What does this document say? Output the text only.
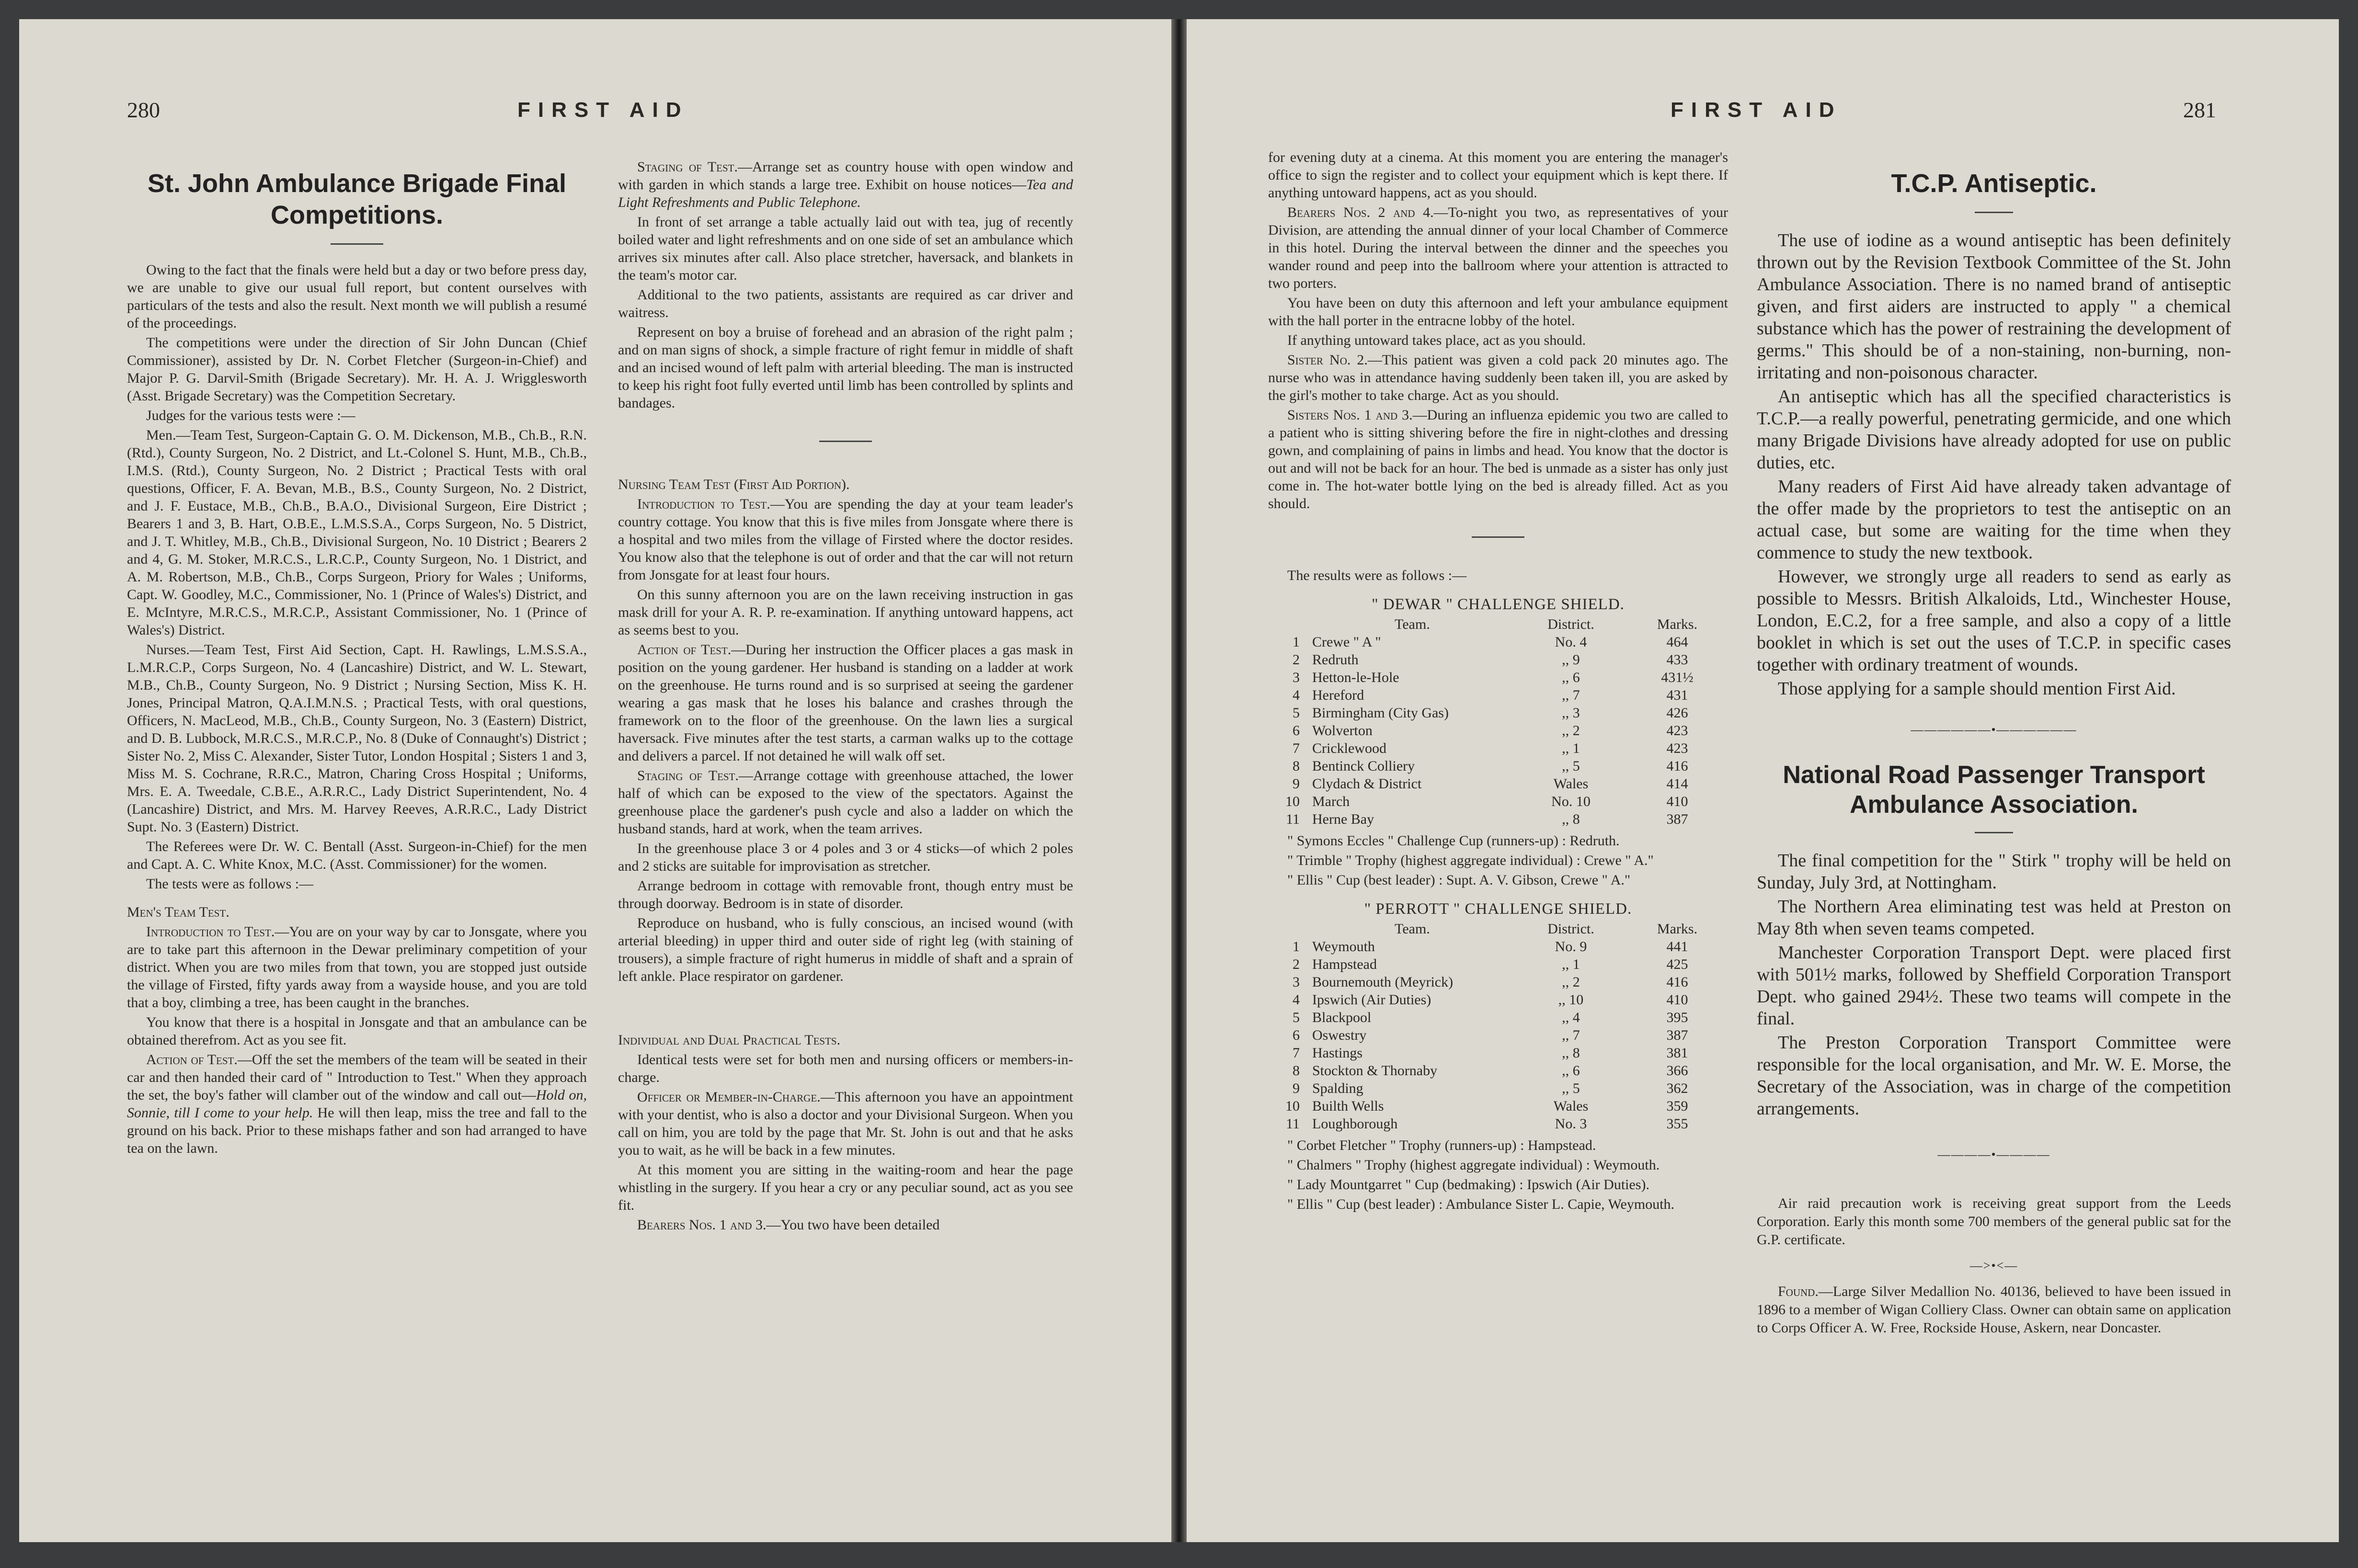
280	FIRST AID
St. John Ambulance Brigade Final Competitions.

Owing to the fact that the finals were held but a day or two before press day, we are unable to give our usual full report, but content ourselves with particulars of the tests and also the result. Next month we will publish a resumé of the proceedings.

The competitions were under the direction of Sir John Duncan (Chief Commissioner), assisted by Dr. N. Corbet Fletcher (Surgeon-in-Chief) and Major P. G. Darvil-Smith (Brigade Secretary). Mr. H. A. J. Wrigglesworth (Asst. Brigade Secretary) was the Competition Secretary.

Judges for the various tests were :—

Men.—Team Test, Surgeon-Captain G. O. M. Dickenson, M.B., Ch.B., R.N. (Rtd.), County Surgeon, No. 2 District, and Lt.-Colonel S. Hunt, M.B., Ch.B., I.M.S. (Rtd.), County Surgeon, No. 2 District ; Practical Tests with oral questions, Officer, F. A. Bevan, M.B., B.S., County Surgeon, No. 2 District, and J. F. Eustace, M.B., Ch.B., B.A.O., Divisional Surgeon, Eire District ; Bearers 1 and 3, B. Hart, O.B.E., L.M.S.S.A., Corps Surgeon, No. 5 District, and J. T. Whitley, M.B., Ch.B., Divisional Surgeon, No. 10 District ; Bearers 2 and 4, G. M. Stoker, M.R.C.S., L.R.C.P., County Surgeon, No. 1 District, and A. M. Robertson, M.B., Ch.B., Corps Surgeon, Priory for Wales ; Uniforms, Capt. W. Goodley, M.C., Commissioner, No. 1 (Prince of Wales's) District, and E. McIntyre, M.R.C.S., M.R.C.P., Assistant Commissioner, No. 1 (Prince of Wales's) District.

Nurses.—Team Test, First Aid Section, Capt. H. Rawlings, L.M.S.S.A., L.M.R.C.P., Corps Surgeon, No. 4 (Lancashire) District, and W. L. Stewart, M.B., Ch.B., County Surgeon, No. 9 District ; Nursing Section, Miss K. H. Jones, Principal Matron, Q.A.I.M.N.S. ; Practical Tests, with oral questions, Officers, N. MacLeod, M.B., Ch.B., County Surgeon, No. 3 (Eastern) District, and D. B. Lubbock, M.R.C.S., M.R.C.P., No. 8 (Duke of Connaught's) District ; Sister No. 2, Miss C. Alexander, Sister Tutor, London Hospital ; Sisters 1 and 3, Miss M. S. Cochrane, R.R.C., Matron, Charing Cross Hospital ; Uniforms, Mrs. E. A. Tweedale, C.B.E., A.R.R.C., Lady District Superintendent, No. 4 (Lancashire) District, and Mrs. M. Harvey Reeves, A.R.R.C., Lady District Supt. No. 3 (Eastern) District.

The Referees were Dr. W. C. Bentall (Asst. Surgeon-in-Chief) for the men and Capt. A. C. White Knox, M.C. (Asst. Commissioner) for the women.

The tests were as follows :—

Men's Team Test.

Introduction to Test.—You are on your way by car to Jonsgate, where you are to take part this afternoon in the Dewar preliminary competition of your district. When you are two miles from that town, you are stopped just outside the village of Firsted, fifty yards away from a wayside house, and you are told that a boy, climbing a tree, has been caught in the branches.

You know that there is a hospital in Jonsgate and that an ambulance can be obtained therefrom. Act as you see fit.

Action of Test.—Off the set the members of the team will be seated in their car and then handed their card of " Introduction to Test." When they approach the set, the boy's father will clamber out of the window and call out—Hold on, Sonnie, till I come to your help. He will then leap, miss the tree and fall to the ground on his back. Prior to these mishaps father and son had arranged to have tea on the lawn.

Staging of Test.—Arrange set as country house with open window and with garden in which stands a large tree. Exhibit on house notices—Tea and Light Refreshments and Public Telephone.

In front of set arrange a table actually laid out with tea, jug of recently boiled water and light refreshments and on one side of set an ambulance which arrives six minutes after call. Also place stretcher, haversack, and blankets in the team's motor car.

Additional to the two patients, assistants are required as car driver and waitress.

Represent on boy a bruise of forehead and an abrasion of the right palm ; and on man signs of shock, a simple fracture of right femur in middle of shaft and an incised wound of left palm with arterial bleeding. The man is instructed to keep his right foot fully everted until limb has been controlled by splints and bandages.

Nursing Team Test (First Aid Portion).

Introduction to Test.—You are spending the day at your team leader's country cottage. You know that this is five miles from Jonsgate where there is a hospital and two miles from the village of Firsted where the doctor resides. You know also that the telephone is out of order and that the car will not return from Jonsgate for at least four hours.

On this sunny afternoon you are on the lawn receiving instruction in gas mask drill for your A. R. P. re-examination. If anything untoward happens, act as seems best to you.

Action of Test.—During her instruction the Officer places a gas mask in position on the young gardener. Her husband is standing on a ladder at work on the greenhouse. He turns round and is so surprised at seeing the gardener wearing a gas mask that he loses his balance and crashes through the framework on to the floor of the greenhouse. On the lawn lies a surgical haversack. Five minutes after the test starts, a carman walks up to the cottage and delivers a parcel. If not detained he will walk off set.

Staging of Test.—Arrange cottage with greenhouse attached, the lower half of which can be exposed to the view of the spectators. Against the greenhouse place the gardener's push cycle and also a ladder on which the husband stands, hard at work, when the team arrives.

In the greenhouse place 3 or 4 poles and 3 or 4 sticks—of which 2 poles and 2 sticks are suitable for improvisation as stretcher.

Arrange bedroom in cottage with removable front, though entry must be through doorway. Bedroom is in state of disorder.

Reproduce on husband, who is fully conscious, an incised wound (with arterial bleeding) in upper third and outer side of right leg (with staining of trousers), a simple fracture of right humerus in middle of shaft and a sprain of left ankle. Place respirator on gardener.

Individual and Dual Practical Tests.

Identical tests were set for both men and nursing officers or members-in-charge.

Officer or Member-in-Charge.—This afternoon you have an appointment with your dentist, who is also a doctor and your Divisional Surgeon. When you call on him, you are told by the page that Mr. St. John is out and that he asks you to wait, as he will be back in a few minutes.

At this moment you are sitting in the waiting-room and hear the page whistling in the surgery. If you hear a cry or any peculiar sound, act as you see fit.

Bearers Nos. 1 and 3.—You two have been detailed

FIRST AID	281

for evening duty at a cinema. At this moment you are entering the manager's office to sign the register and to collect your equipment which is kept there. If anything untoward happens, act as you should.

Bearers Nos. 2 and 4.—To-night you two, as representatives of your Division, are attending the annual dinner of your local Chamber of Commerce in this hotel. During the interval between the dinner and the speeches you wander round and peep into the ballroom where your attention is attracted to two porters.

You have been on duty this afternoon and left your ambulance equipment with the hall porter in the entracne lobby of the hotel.

If anything untoward takes place, act as you should.

Sister No. 2.—This patient was given a cold pack 20 minutes ago. The nurse who was in attendance having suddenly been taken ill, you are asked by the girl's mother to take charge. Act as you should.

Sisters Nos. 1 and 3.—During an influenza epidemic you two are called to a patient who is sitting shivering before the fire in night-clothes and dressing gown, and complaining of pains in limbs and head. You know that the doctor is out and will not be back for an hour. The bed is unmade as a sister has only just come in. The hot-water bottle lying on the bed is already filled. Act as you should.

The results were as follows :—

" DEWAR " CHALLENGE SHIELD.
	Team.	District.	Marks.
1	Crewe " A "	No. 4	464
2	Redruth	,, 9	433
3	Hetton-le-Hole	,, 6	431½
4	Hereford	,, 7	431
5	Birmingham (City Gas)	,, 3	426
6	Wolverton	,, 2	423
7	Cricklewood	,, 1	423
8	Bentinck Colliery	,, 5	416
9	Clydach & District	Wales	414
10	March	No. 10	410
11	Herne Bay	,, 8	387

" Symons Eccles " Challenge Cup (runners-up) : Redruth.

" Trimble " Trophy (highest aggregate individual) : Crewe " A."

" Ellis " Cup (best leader) : Supt. A. V. Gibson, Crewe " A."

" PERROTT " CHALLENGE SHIELD.
	Team.	District.	Marks.
1	Weymouth	No. 9	441
2	Hampstead	,, 1	425
3	Bournemouth (Meyrick)	,, 2	416
4	Ipswich (Air Duties)	,, 10	410
5	Blackpool	,, 4	395
6	Oswestry	,, 7	387
7	Hastings	,, 8	381
8	Stockton & Thornaby	,, 6	366
9	Spalding	,, 5	362
10	Builth Wells	Wales	359
11	Loughborough	No. 3	355

" Corbet Fletcher " Trophy (runners-up) : Hampstead.

" Chalmers " Trophy (highest aggregate individual) : Weymouth.

" Lady Mountgarret " Cup (bedmaking) : Ipswich (Air Duties).

" Ellis " Cup (best leader) : Ambulance Sister L. Capie, Weymouth.

T.C.P. Antiseptic.

The use of iodine as a wound antiseptic has been definitely thrown out by the Revision Textbook Committee of the St. John Ambulance Association. There is no named brand of antiseptic given, and first aiders are instructed to apply " a chemical substance which has the power of restraining the development of germs." This should be of a non-staining, non-burning, non-irritating and non-poisonous character.

An antiseptic which has all the specified characteristics is T.C.P.—a really powerful, penetrating germicide, and one which many Brigade Divisions have already adopted for use on public duties, etc.

Many readers of First Aid have already taken advantage of the offer made by the proprietors to test the antiseptic on an actual case, but some are waiting for the time when they commence to study the new textbook.

However, we strongly urge all readers to send as early as possible to Messrs. British Alkaloids, Ltd., Winchester House, London, E.C.2, for a free sample, and also a copy of a little booklet in which is set out the uses of T.C.P. in specific cases together with ordinary treatment of wounds.

Those applying for a sample should mention First Aid.

——————•——————
National Road Passenger Transport Ambulance Association.

The final competition for the " Stirk " trophy will be held on Sunday, July 3rd, at Nottingham.

The Northern Area eliminating test was held at Preston on May 8th when seven teams competed.

Manchester Corporation Transport Dept. were placed first with 501½ marks, followed by Sheffield Corporation Transport Dept. who gained 294½. These two teams will compete in the final.

The Preston Corporation Transport Committee were responsible for the local organisation, and Mr. W. E. Morse, the Secretary of the Association, was in charge of the competition arrangements.

————•————

Air raid precaution work is receiving great support from the Leeds Corporation. Early this month some 700 members of the general public sat for the G.P. certificate.

—>•<—

Found.—Large Silver Medallion No. 40136, believed to have been issued in 1896 to a member of Wigan Colliery Class. Owner can obtain same on application to Corps Officer A. W. Free, Rockside House, Askern, near Doncaster.
